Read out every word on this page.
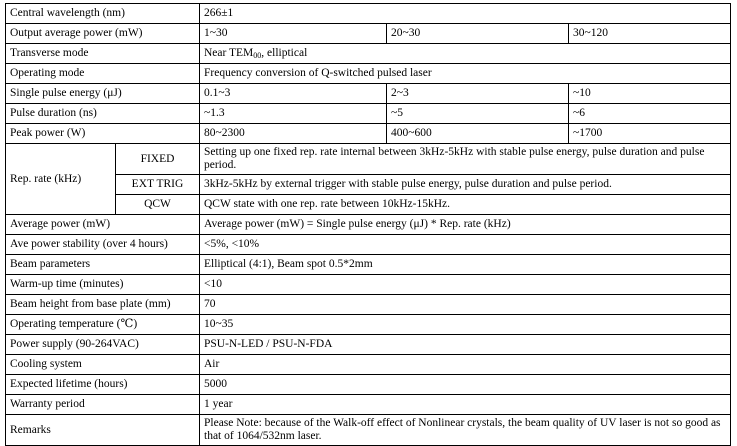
Central wavelength (nm)		266±1		
Output average power (mW)		1~30	20~30	30~120
Transverse mode		Near $TEM_{00}$, elliptical		
Operating mode		Frequency conversion of Q-switched pulsed laser		
Single pulse energy (μJ)		0.1~3	2~3	~10
Pulse duration (ns)		~1.3	~5	~6
Peak power (W)		80~2300	400~600	~1700
Rep. rate (kHz)	FIXED	Setting up one fixed rep. rate internal between 3kHz-5kHz with stable pulse energy, pulse duration and pulse period.		
	EXT TRIG	3kHz-5kHz by external trigger with stable pulse energy, pulse duration and pulse period.		
	QCW	QCW state with one rep. rate between 10kHz-15kHz.		
Average power (mW)		Average power (mW) = Single pulse energy (μJ) * Rep. rate (kHz)		
Ave power stability (over 4 hours)		<5%, <10%		
Beam parameters		Elliptical (4:1), Beam spot 0.5*2mm		
Warm-up time (minutes)		<10		
Beam height from base plate (mm)		70		
Operating temperature (℃)		10~35		
Power supply (90-264VAC)		PSU-N-LED / PSU-N-FDA		
Cooling system		Air		
Expected lifetime (hours)		5000		
Warranty period		1 year		
Remarks		Please Note: because of the Walk-off effect of Nonlinear crystals, the beam quality of UV laser is not so good as that of 1064/532nm laser.		
